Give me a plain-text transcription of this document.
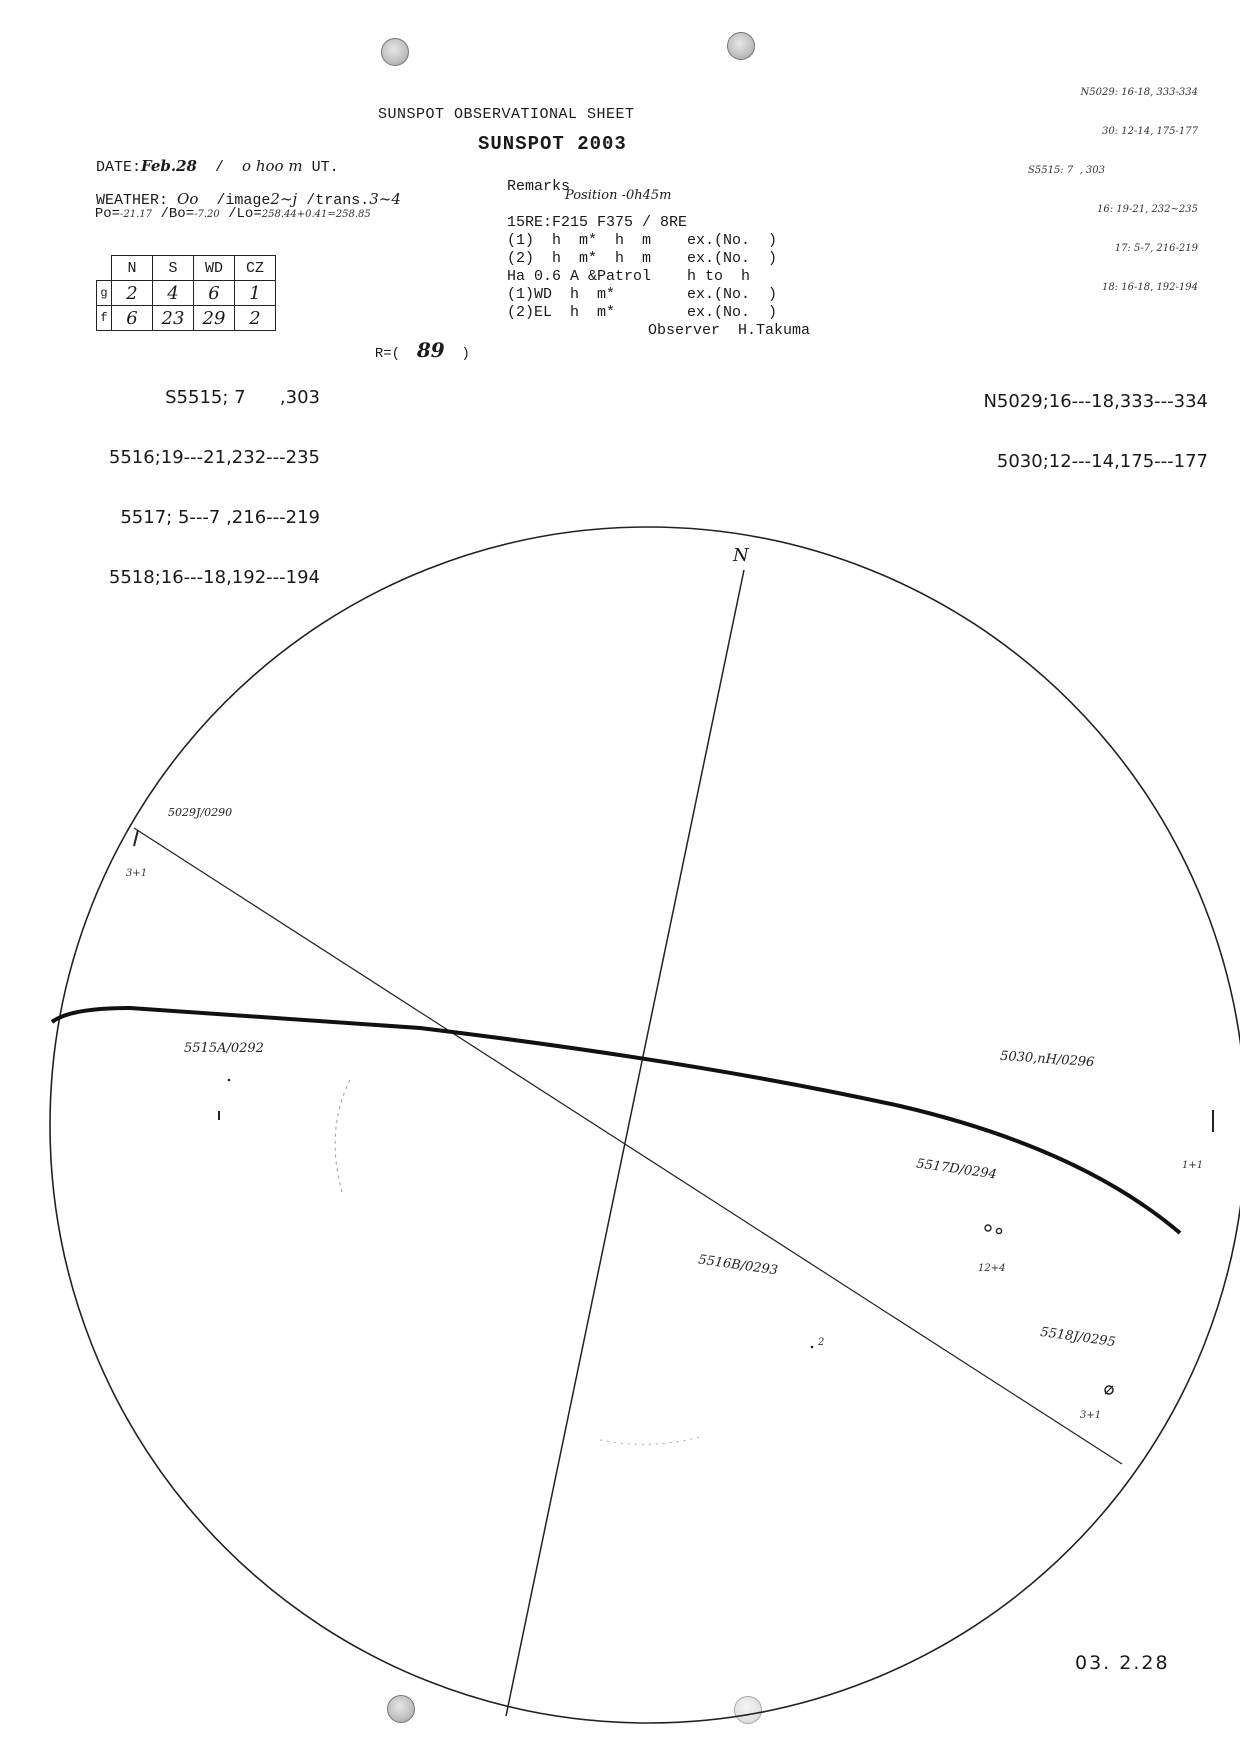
SUNSPOT OBSERVATIONAL SHEET
SUNSPOT 2003

DATE:Feb.28 / o hoo m UT.

WEATHER: Oo /image2~j /trans.3~4

Po=-21.17 /Bo=-7.20 /Lo=258.44+0.41=258.85

	N	S	WD	CZ
g	2	4	6	1
f	6	23	29	2

R=( 89 )

Remarks
Position -0h45m
15RE:F215 F375 / 8RE
(1)  h  m*  h  m    ex.(No.  )
(2)  h  m*  h  m    ex.(No.  )
Ha 0.6 A &Patrol    h to  h
(1)WD  h  m*        ex.(No.  )
(2)EL  h  m*        ex.(No.  )
Observer  H.Takuma

S5515; 7      ,303

5516;19---21,232---235

5517; 5---7 ,216---219

5518;16---18,192---194

N5029;16---18,333---334

5030;12---14,175---177

N5029: 16-18, 333-334

30: 12-14, 175-177

S5515: 7  , 303

16: 19-21, 232~235

17: 5-7, 216-219

18: 16-18, 192-194

N
5029J/0290
3+1
5515A/0292
5030,nH/0296
1+1
5517D/0294
12+4
5516B/0293
2	5518J/0295
3+1
03. 2.28
